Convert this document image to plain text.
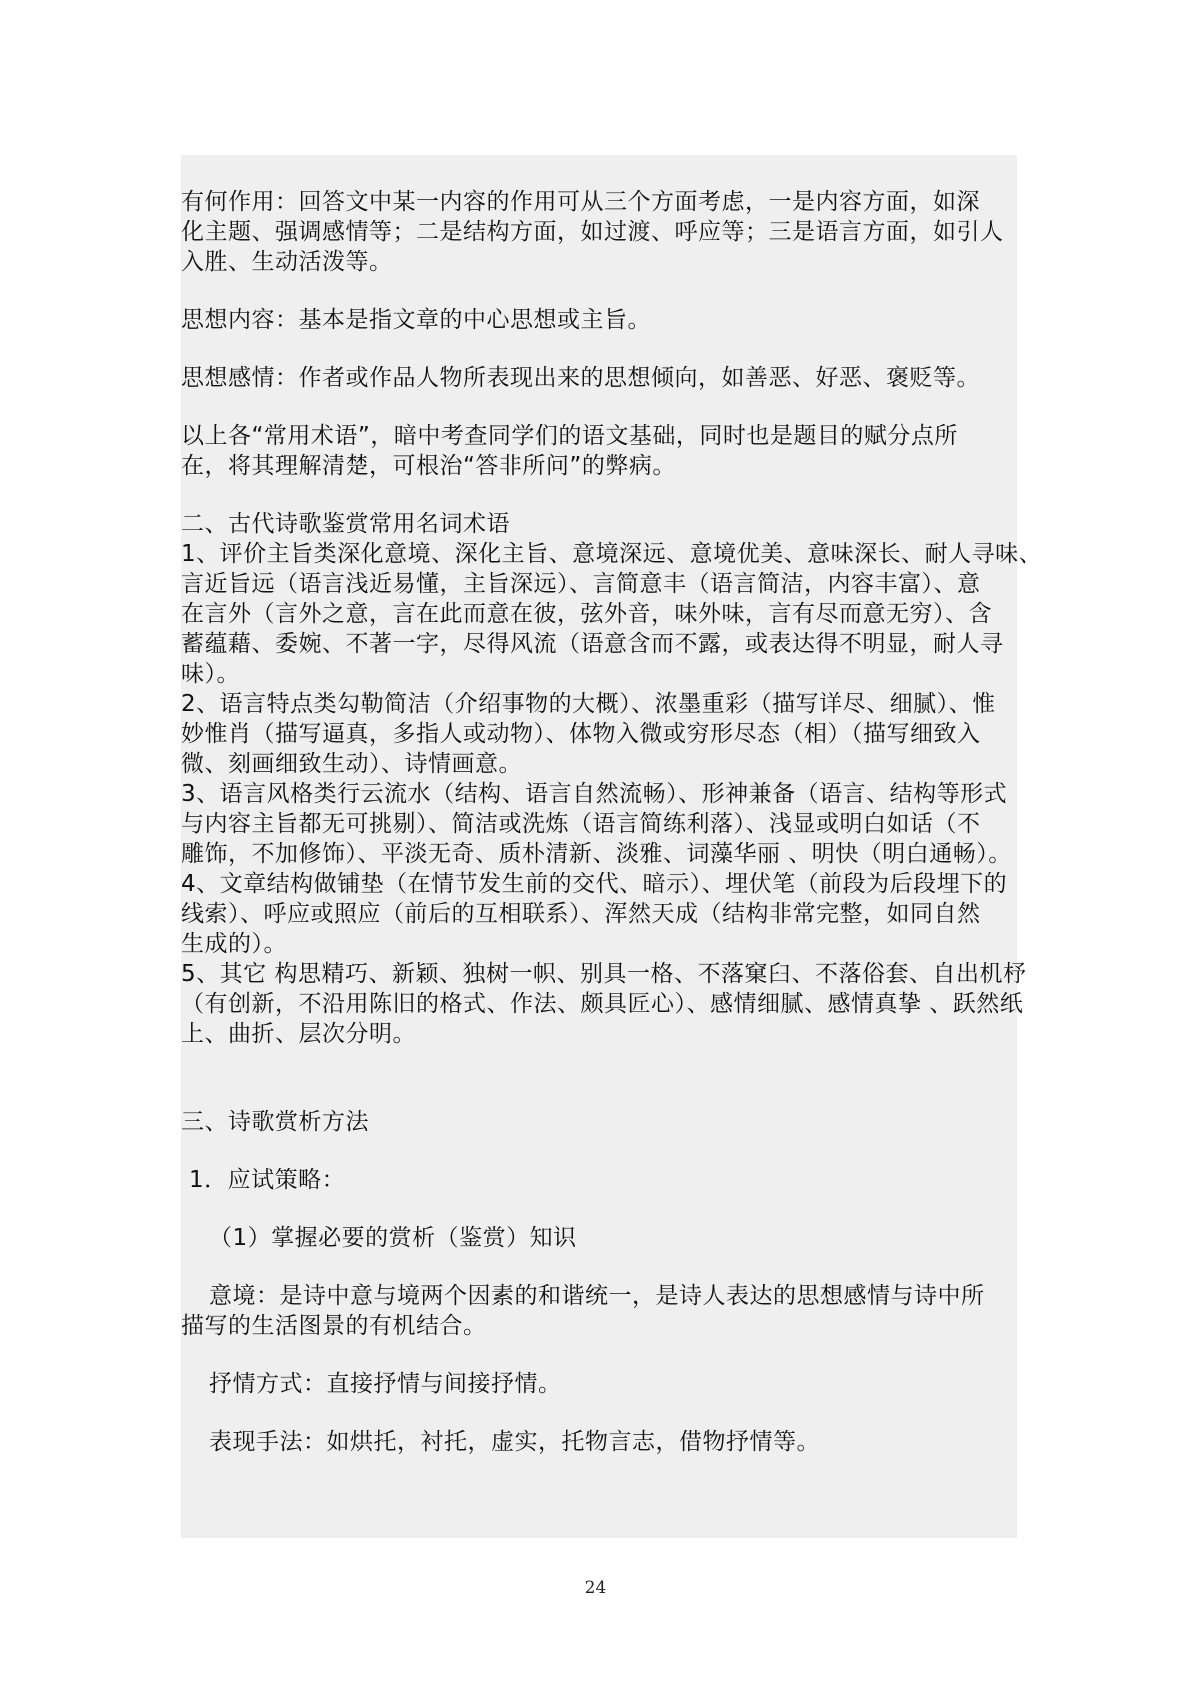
有何作用：回答文中某一内容的作用可从三个方面考虑，一是内容方面，如深
化主题、强调感情等；二是结构方面，如过渡、呼应等；三是语言方面，如引人
入胜、生动活泼等。
思想内容：基本是指文章的中心思想或主旨。
思想感情：作者或作品人物所表现出来的思想倾向，如善恶、好恶、褒贬等。
以上各“常用术语”，暗中考查同学们的语文基础，同时也是题目的赋分点所
在，将其理解清楚，可根治“答非所问”的弊病。
二、古代诗歌鉴赏常用名词术语
1、评价主旨类深化意境、深化主旨、意境深远、意境优美、意味深长、耐人寻味、
言近旨远（语言浅近易懂，主旨深远）、言简意丰（语言简洁，内容丰富）、意
在言外（言外之意，言在此而意在彼，弦外音，味外味，言有尽而意无穷）、含
蓄蕴藉、委婉、不著一字，尽得风流（语意含而不露，或表达得不明显，耐人寻
味）。
2、语言特点类勾勒简洁（介绍事物的大概）、浓墨重彩（描写详尽、细腻）、惟
妙惟肖（描写逼真，多指人或动物）、体物入微或穷形尽态（相）（描写细致入
微、刻画细致生动）、诗情画意。
3、语言风格类行云流水（结构、语言自然流畅）、形神兼备（语言、结构等形式
与内容主旨都无可挑剔）、简洁或洗炼（语言简练利落）、浅显或明白如话（不
雕饰，不加修饰）、平淡无奇、质朴清新、淡雅、词藻华丽 、明快（明白通畅）。
4、文章结构做铺垫（在情节发生前的交代、暗示）、埋伏笔（前段为后段埋下的
线索）、呼应或照应（前后的互相联系）、浑然天成（结构非常完整，如同自然
生成的）。
5、其它 构思精巧、新颖、独树一帜、别具一格、不落窠臼、不落俗套、自出机杼
（有创新，不沿用陈旧的格式、作法、颇具匠心）、感情细腻、感情真挚 、跃然纸
上、曲折、层次分明。
三、诗歌赏析方法
1．应试策略：
（1）掌握必要的赏析（鉴赏）知识
意境：是诗中意与境两个因素的和谐统一，是诗人表达的思想感情与诗中所
描写的生活图景的有机结合。
抒情方式：直接抒情与间接抒情。
表现手法：如烘托，衬托，虚实，托物言志，借物抒情等。
24
